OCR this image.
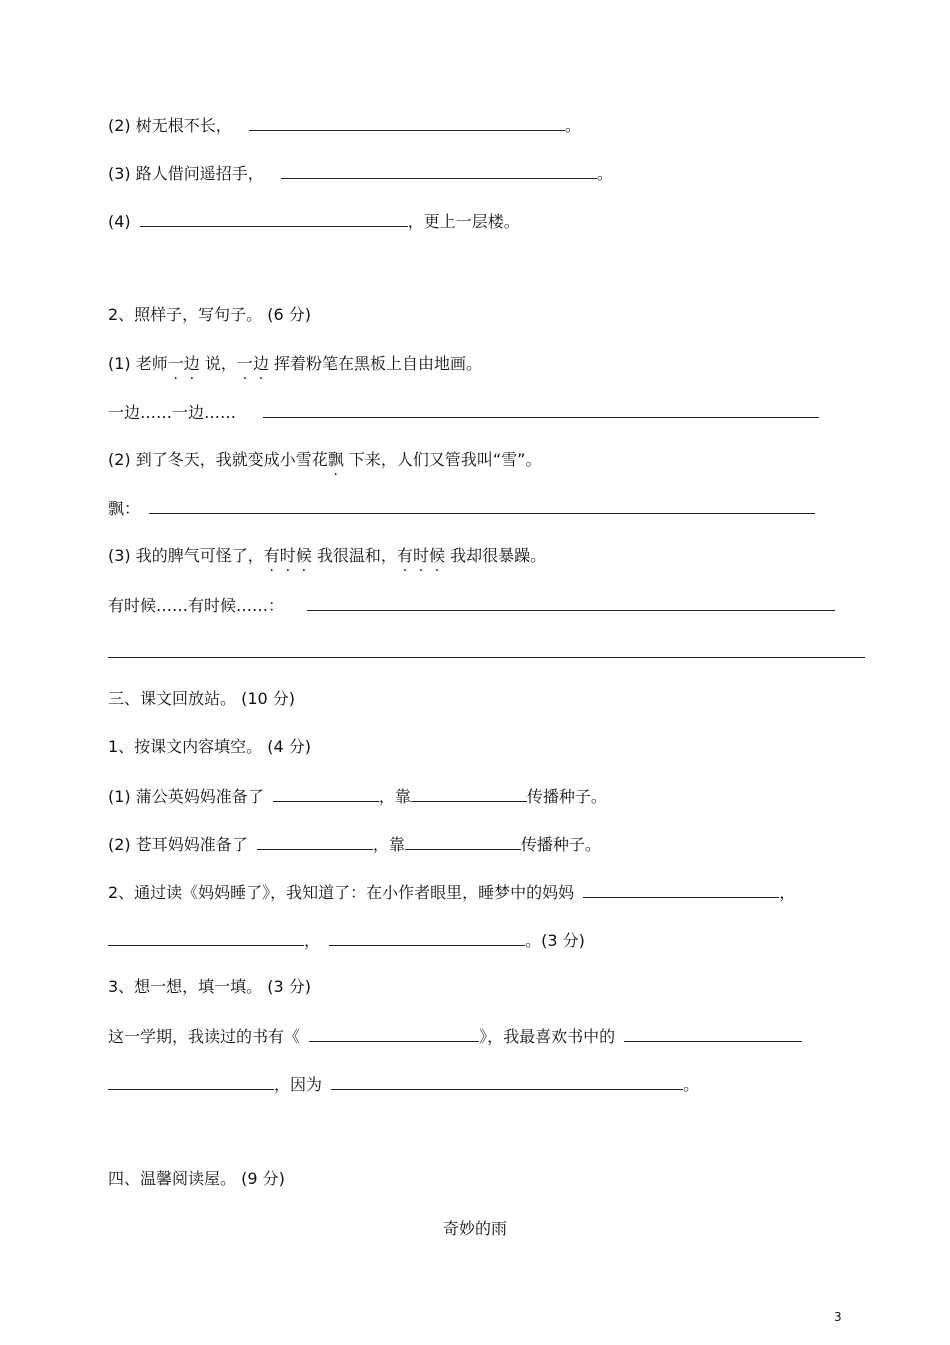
(2) 树无根不长，	。
(3) 路人借问遥招手，	。
(4)	，更上一层楼。
2、照样子，写句子。 (6 分)
(1) 老师一边 说，一边 挥着粉笔在黑板上自由地画。
一边……一边……
(2) 到了冬天，我就变成小雪花飘 下来，人们又管我叫“雪”。
飘：
(3) 我的脾气可怪了，有时候 我很温和，有时候 我却很暴躁。
有时候……有时候……：
三、课文回放站。 (10 分)
1、按课文内容填空。 (4 分)
(1) 蒲公英妈妈准备了	，靠	传播种子。
(2) 苍耳妈妈准备了	，靠	传播种子。
2、通过读《妈妈睡了》，我知道了：在小作者眼里，睡梦中的妈妈	，
，	。(3 分)
3、想一想，填一填。 (3 分)
这一学期，我读过的书有《	》，我最喜欢书中的
，因为	。
四、温馨阅读屋。 (9 分)
奇妙的雨
3
